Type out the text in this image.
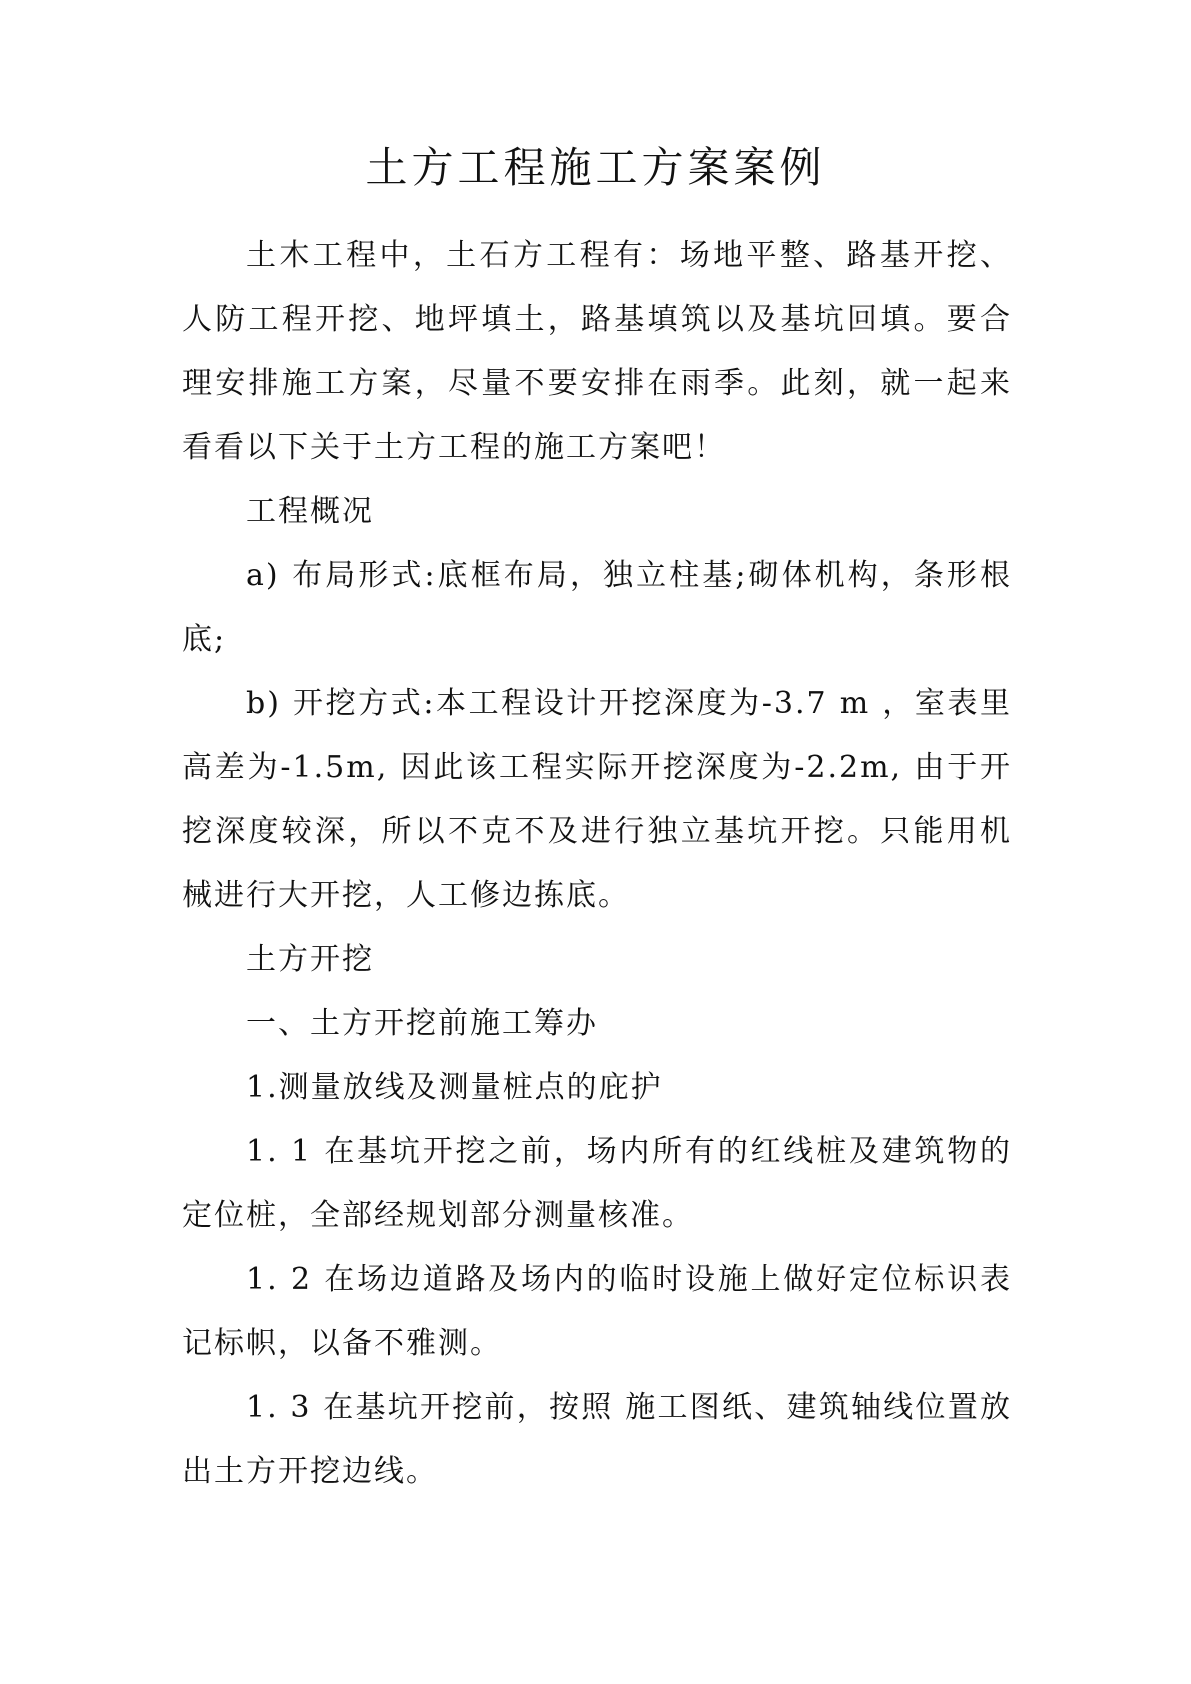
土方工程施工方案案例

土木工程中，土石方工程有：场地平整、路基开挖、人防工程开挖、地坪填土，路基填筑以及基坑回填。要合理安排施工方案，尽量不要安排在雨季。此刻，就一起来看看以下关于土方工程的施工方案吧！

工程概况

a) 布局形式:底框布局，独立柱基;砌体机构，条形根底;

b) 开挖方式:本工程设计开挖深度为-3.7 m ，室表里高差为-1.5m, 因此该工程实际开挖深度为-2.2m, 由于开挖深度较深，所以不克不及进行独立基坑开挖。只能用机械进行大开挖，人工修边拣底。

土方开挖

一、土方开挖前施工筹办

1.测量放线及测量桩点的庇护

1. 1 在基坑开挖之前，场内所有的红线桩及建筑物的定位桩，全部经规划部分测量核准。

1. 2 在场边道路及场内的临时设施上做好定位标识表记标帜，以备不雅测。

1. 3 在基坑开挖前，按照 施工图纸、建筑轴线位置放出土方开挖边线。
